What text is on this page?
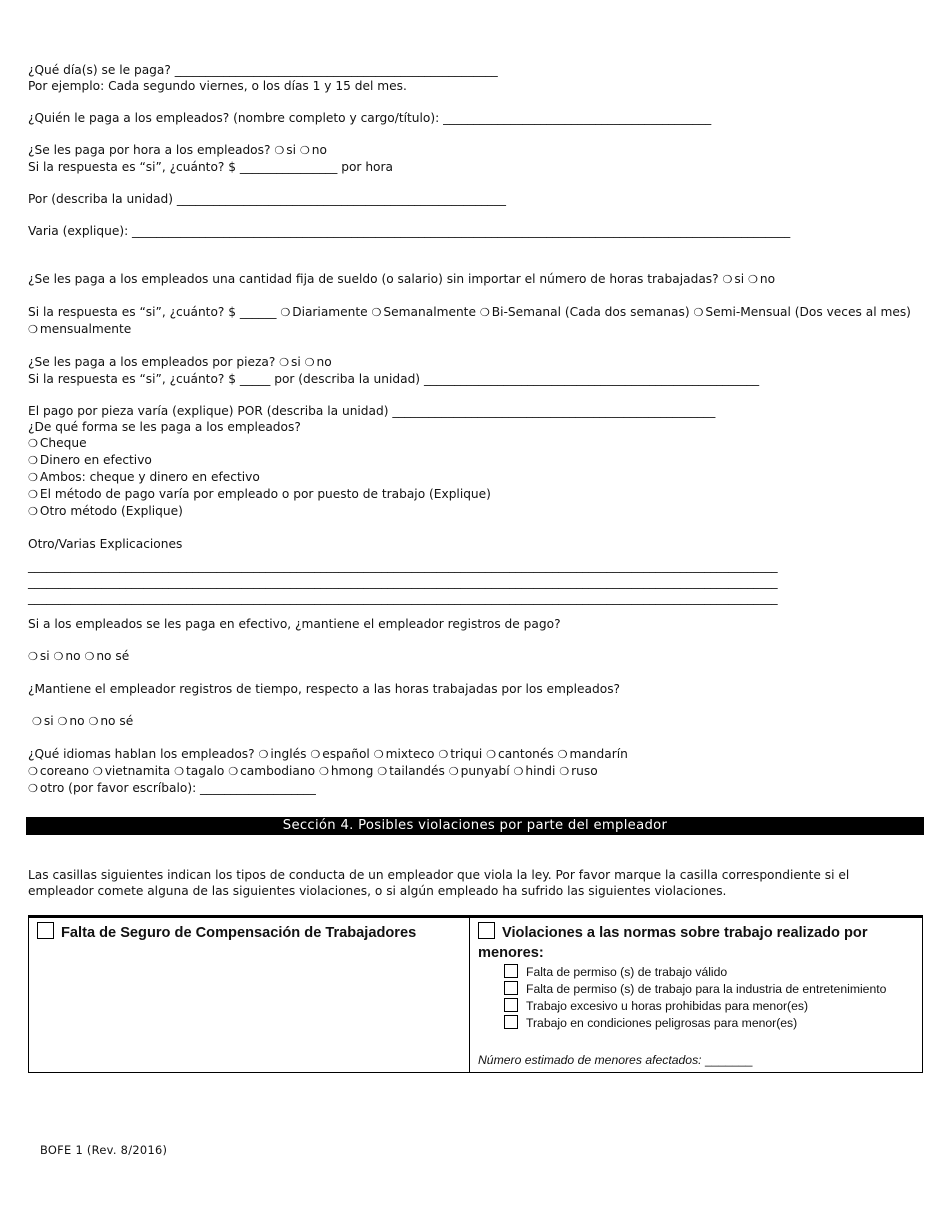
¿Qué día(s) se le paga? _____________________________________________________
Por ejemplo: Cada segundo viernes, o los días 1 y 15 del mes.
¿Quién le paga a los empleados? (nombre completo y cargo/título): ____________________________________________
¿Se les paga por hora a los empleados? ❍ si ❍ no
Si la respuesta es “si”, ¿cuánto? $ ________________ por hora
Por (describa la unidad) ______________________________________________________
Varia (explique): ____________________________________________________________________________________________________________
¿Se les paga a los empleados una cantidad fija de sueldo (o salario) sin importar el número de horas trabajadas? ❍ si ❍ no
Si la respuesta es “si”, ¿cuánto? $ ______ ❍ Diariamente ❍ Semanalmente ❍ Bi-Semanal (Cada dos semanas) ❍ Semi-Mensual (Dos veces al mes) ❍ mensualmente
¿Se les paga a los empleados por pieza? ❍ si ❍ no
Si la respuesta es “si”, ¿cuánto? $ _____ por (describa la unidad) _______________________________________________________
El pago por pieza varía (explique) POR (describa la unidad) _____________________________________________________
¿De qué forma se les paga a los empleados?
❍ Cheque
❍ Dinero en efectivo
❍ Ambos: cheque y dinero en efectivo
❍ El método de pago varía por empleado o por puesto de trabajo (Explique)
❍ Otro método (Explique)
Otro/Varias Explicaciones
___________________________________________________________________________________________________________________________
___________________________________________________________________________________________________________________________
___________________________________________________________________________________________________________________________
Si a los empleados se les paga en efectivo, ¿mantiene el empleador registros de pago?
❍ si ❍ no ❍ no sé
¿Mantiene el empleador registros de tiempo, respecto a las horas trabajadas por los empleados?
❍ si ❍ no ❍ no sé
¿Qué idiomas hablan los empleados? ❍ inglés ❍ español ❍ mixteco ❍ triqui ❍ cantonés ❍ mandarín
❍ coreano ❍ vietnamita ❍ tagalo ❍ cambodiano ❍ hmong ❍ tailandés ❍ punyabí ❍ hindi ❍ ruso
❍ otro (por favor escríbalo): ___________________
Sección 4. Posibles violaciones por parte del empleador
Las casillas siguientes indican los tipos de conducta de un empleador que viola la ley. Por favor marque la casilla correspondiente si el empleador comete alguna de las siguientes violaciones, o si algún empleado ha sufrido las siguientes violaciones.
Falta de Seguro de Compensación de Trabajadores	Violaciones a las normas sobre trabajo realizado por menores:
Falta de permiso (s) de trabajo válido
Falta de permiso (s) de trabajo para la industria de entretenimiento
Trabajo excesivo u horas prohibidas para menor(es)
Trabajo en condiciones peligrosas para menor(es)
Número estimado de menores afectados: _______
BOFE 1 (Rev. 8/2016)
